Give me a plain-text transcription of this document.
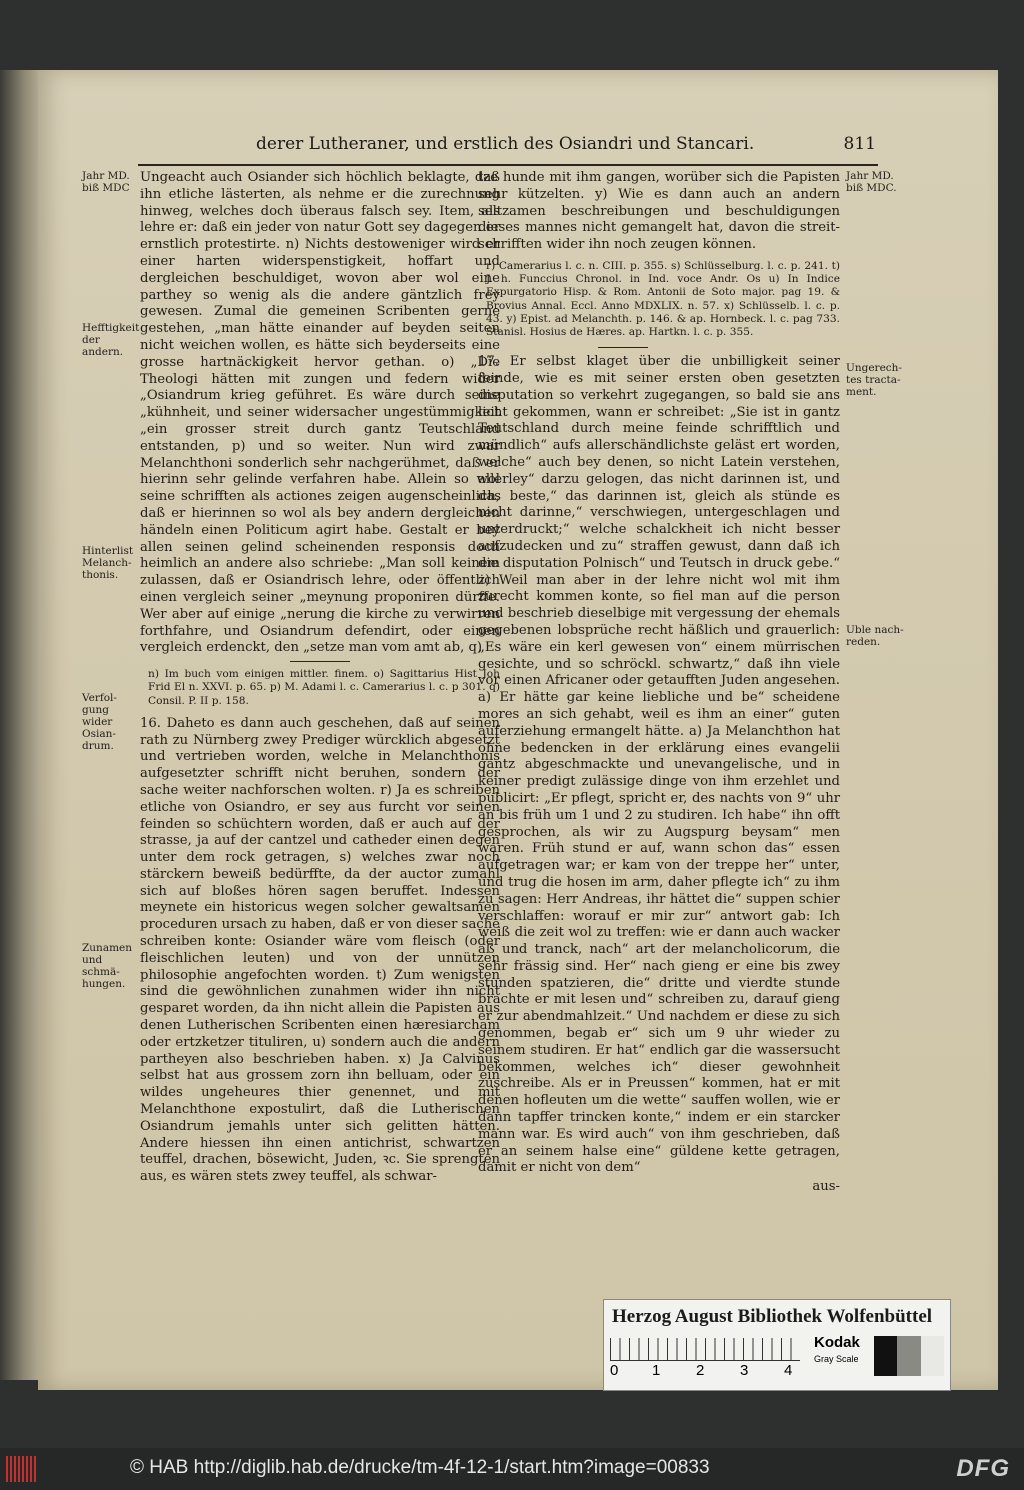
derer Lutheraner, und erstlich des Osiandri und Stancari.	811
Jahr MD. biß MDC
Hefftigkeit der andern.
Hinterlist Melanch-thonis.
Verfol-gung wider Osian-drum.
Zunamen und schmä-hungen.
Jahr MD. biß MDC.
Ungerech-tes tracta-ment.
Uble nach-reden.

Ungeacht auch Osiander sich höchlich beklagte, daß ihn etliche lästerten, als nehme er die zurechnung hinweg, welches doch überaus falsch sey. Item, als lehre er: daß ein jeder von natur Gott sey dagegen er ernstlich protestirte. n) Nichts destoweniger wird er einer harten widerspenstigkeit, hoffart und dergleichen beschuldiget, wovon aber wol eine parthey so wenig als die andere gäntzlich frey gewesen. Zumal die gemeinen Scribenten gerne gestehen, „man hätte einander auf beyden seiten nicht weichen wollen, es hätte sich beyderseits eine grosse hartnäckigkeit hervor gethan. o) „Die Theologi hätten mit zungen und federn wider „Osiandrum krieg geführet. Es wäre durch seine „kühnheit, und seiner widersacher ungestümmigkeit „ein grosser streit durch gantz Teutschland entstanden, p) und so weiter. Nun wird zwar Melanchthoni sonderlich sehr nachgerühmet, daß er hierinn sehr gelinde verfahren habe. Allein so wol seine schrifften als actiones zeigen augenscheinlich, daß er hierinnen so wol als bey andern dergleichen händeln einen Politicum agirt habe. Gestalt er bey allen seinen gelind scheinenden responsis doch heimlich an andere also schriebe: „Man soll keinem zulassen, daß er Osiandrisch lehre, oder öffentlich einen vergleich seiner „meynung proponiren dürffe. Wer aber auf einige „nerung die kirche zu verwirren forthfahre, und Osiandrum defendirt, oder einen vergleich erdenckt, den „setze man vom amt ab, q)

n) Im buch vom einigen mittler. finem. o) Sagittarius Hist Joh Frid El n. XXVI. p. 65. p) M. Adami l. c. Camerarius l. c. p 301. q) Consil. P. II p. 158.

16. Daheto es dann auch geschehen, daß auf seinen rath zu Nürnberg zwey Prediger würcklich abgesetzt und vertrieben worden, welche in Melanchthonis aufgesetzter schrifft nicht beruhen, sondern der sache weiter nachforschen wolten. r) Ja es schreiben etliche von Osiandro, er sey aus furcht vor seinen feinden so schüchtern worden, daß er auch auf der strasse, ja auf der cantzel und catheder einen degen unter dem rock getragen, s) welches zwar noch stärckern beweiß bedürffte, da der auctor zumahl sich auf bloßes hören sagen beruffet. Indessen meynete ein historicus wegen solcher gewaltsamen proceduren ursach zu haben, daß er von dieser sache schreiben konte: Osiander wäre vom fleisch (oder fleischlichen leuten) und von der unnützen philosophie angefochten worden. t) Zum wenigsten sind die gewöhnlichen zunahmen wider ihn nicht gesparet worden, da ihn nicht allein die Papisten aus denen Lutherischen Scribenten einen hæresiarcham oder ertzketzer tituliren, u) sondern auch die andern partheyen also beschrieben haben. x) Ja Calvinus selbst hat aus grossem zorn ihn belluam, oder ein wildes ungeheures thier genennet, und mit Melanchthone expostulirt, daß die Lutherischen Osiandrum jemahls unter sich gelitten hätten. Andere hiessen ihn einen antichrist, schwartzen teuffel, drachen, bösewicht, Juden, ꝛc. Sie sprengten aus, es wären stets zwey teuffel, als schwar-

tze hunde mit ihm gangen, worüber sich die Papisten sehr kützelten. y) Wie es dann auch an andern seltzamen beschreibungen und beschuldigungen dieses mannes nicht gemangelt hat, davon die streit-schrifften wider ihn noch zeugen können.

r) Camerarius l. c. n. CIII. p. 355. s) Schlüsselburg. l. c. p. 241. t) J. h. Funccius Chronol. in Ind. voce Andr. Os u) In Indice Expurgatorio Hisp. & Rom. Antonii de Soto major. pag 19. & Brovius Annal. Eccl. Anno MDXLIX. n. 57. x) Schlüsselb. l. c. p. 43. y) Epist. ad Melanchth. p. 146. & ap. Hornbeck. l. c. pag 733. Stanisl. Hosius de Hæres. ap. Hartkn. l. c. p. 355.

17. Er selbst klaget über die unbilligkeit seiner feinde, wie es mit seiner ersten oben gesetzten disputation so verkehrt zugegangen, so bald sie ans licht gekommen, wann er schreibet: „Sie ist in gantz Teutschland durch meine feinde schrifftlich und mündlich“ aufs allerschändlichste geläst ert worden, welche“ auch bey denen, so nicht Latein verstehen, allerley“ darzu gelogen, das nicht darinnen ist, und das beste,“ das darinnen ist, gleich als stünde es nicht darinne,“ verschwiegen, untergeschlagen und unterdruckt;“ welche schalckheit ich nicht besser aufzudecken und zu“ straffen gewust, dann daß ich die disputation Polnisch“ und Teutsch in druck gebe.“ z) Weil man aber in der lehre nicht wol mit ihm zurecht kommen konte, so fiel man auf die person und beschrieb dieselbige mit vergessung der ehemals gegebenen lobsprüche recht häßlich und grauerlich: „Es wäre ein kerl gewesen von“ einem mürrischen gesichte, und so schröckl. schwartz,“ daß ihn viele vor einen Africaner oder getaufften Juden angesehen. a) Er hätte gar keine liebliche und be“ scheidene mores an sich gehabt, weil es ihm an einer“ guten auferziehung ermangelt hätte. a) Ja Melanchthon hat ohne bedencken in der erklärung eines evangelii gantz abgeschmackte und unevangelische, und in keiner predigt zulässige dinge von ihm erzehlet und publicirt: „Er pflegt, spricht er, des nachts von 9“ uhr an bis früh um 1 und 2 zu studiren. Ich habe“ ihn offt gesprochen, als wir zu Augspurg beysam“ men waren. Früh stund er auf, wann schon das“ essen aufgetragen war; er kam von der treppe her“ unter, und trug die hosen im arm, daher pflegte ich“ zu ihm zu sagen: Herr Andreas, ihr hättet die“ suppen schier verschlaffen: worauf er mir zur“ antwort gab: Ich weiß die zeit wol zu treffen: wie er dann auch wacker aß und tranck, nach“ art der melancholicorum, die sehr frässig sind. Her“ nach gieng er eine bis zwey stunden spatzieren, die“ dritte und vierdte stunde brachte er mit lesen und“ schreiben zu, darauf gieng er zur abendmahlzeit.“ Und nachdem er diese zu sich genommen, begab er“ sich um 9 uhr wieder zu seinem studiren. Er hat“ endlich gar die wassersucht bekommen, welches ich“ dieser gewohnheit zuschreibe. Als er in Preussen“ kommen, hat er mit denen hofleuten um die wette“ sauffen wollen, wie er dann tapffer trincken konte,“ indem er ein starcker mann war. Es wird auch“ von ihm geschrieben, daß er an seinem halse eine“ güldene kette getragen, damit er nicht von dem“

aus-

Herzog August Bibliothek Wolfenbüttel
0 1 2 3 4
Kodak
Gray Scale
© HAB http://diglib.hab.de/drucke/tm-4f-12-1/start.htm?image=00833	DFG
